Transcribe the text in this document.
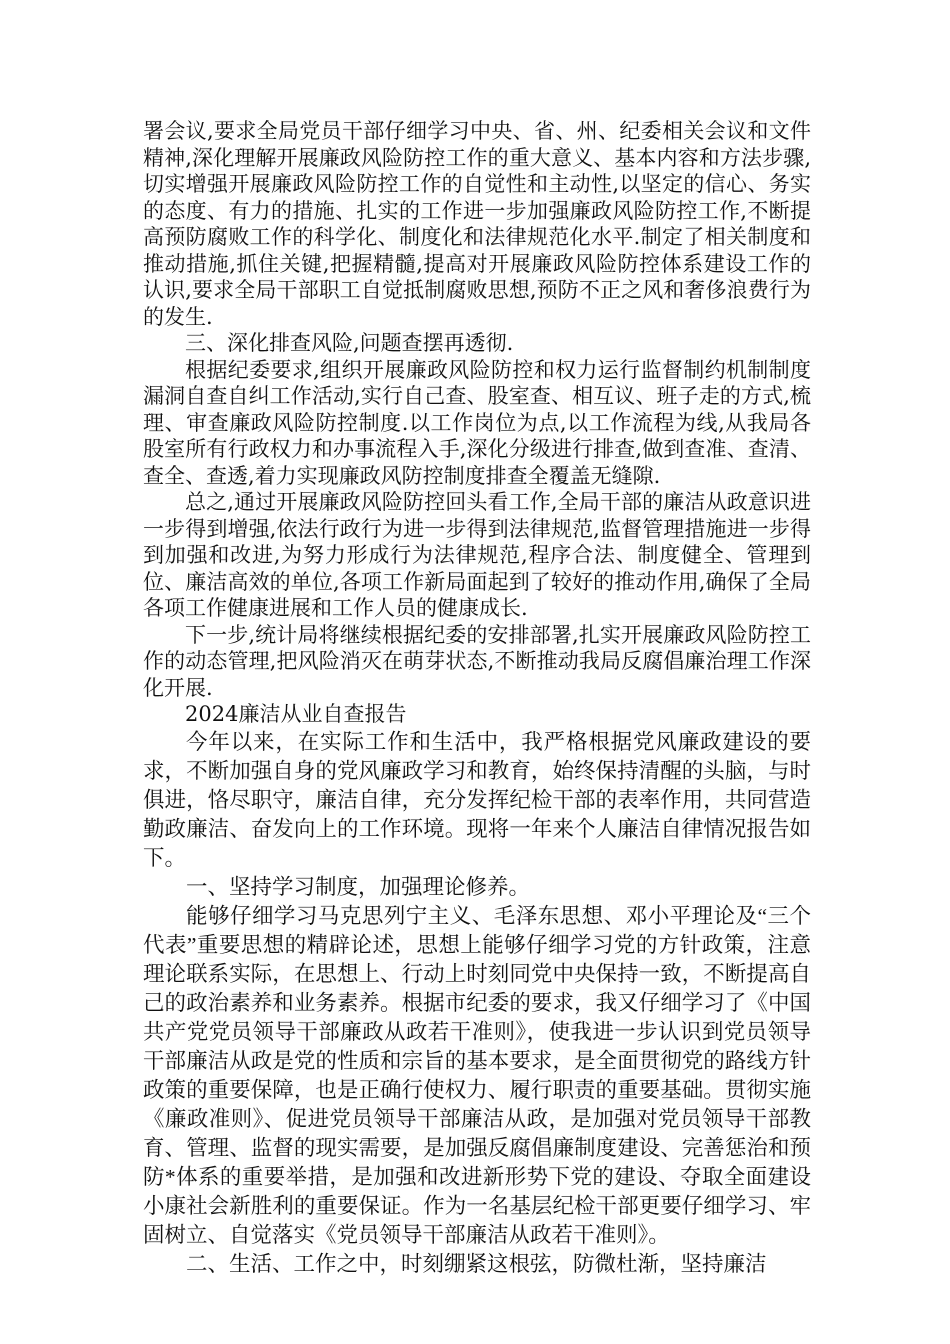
署会议,要求全局党员干部仔细学习中央、省、州、纪委相关会议和文件精神,深化理解开展廉政风险防控工作的重大意义、基本内容和方法步骤,切实增强开展廉政风险防控工作的自觉性和主动性,以坚定的信心、务实的态度、有力的措施、扎实的工作进一步加强廉政风险防控工作,不断提高预防腐败工作的科学化、制度化和法律规范化水平.制定了相关制度和推动措施,抓住关键,把握精髓,提高对开展廉政风险防控体系建设工作的认识,要求全局干部职工自觉抵制腐败思想,预防不正之风和奢侈浪费行为的发生.

三、深化排查风险,问题查摆再透彻.

根据纪委要求,组织开展廉政风险防控和权力运行监督制约机制制度漏洞自查自纠工作活动,实行自己查、股室查、相互议、班子走的方式,梳理、审查廉政风险防控制度.以工作岗位为点,以工作流程为线,从我局各股室所有行政权力和办事流程入手,深化分级进行排查,做到查准、查清、查全、查透,着力实现廉政风防控制度排查全覆盖无缝隙.

总之,通过开展廉政风险防控回头看工作,全局干部的廉洁从政意识进一步得到增强,依法行政行为进一步得到法律规范,监督管理措施进一步得到加强和改进,为努力形成行为法律规范,程序合法、制度健全、管理到位、廉洁高效的单位,各项工作新局面起到了较好的推动作用,确保了全局各项工作健康进展和工作人员的健康成长.

下一步,统计局将继续根据纪委的安排部署,扎实开展廉政风险防控工作的动态管理,把风险消灭在萌芽状态,不断推动我局反腐倡廉治理工作深化开展.

2024廉洁从业自查报告

今年以来，在实际工作和生活中，我严格根据党风廉政建设的要求，不断加强自身的党风廉政学习和教育，始终保持清醒的头脑，与时俱进，恪尽职守，廉洁自律，充分发挥纪检干部的表率作用，共同营造勤政廉洁、奋发向上的工作环境。现将一年来个人廉洁自律情况报告如下。

一、坚持学习制度，加强理论修养。

能够仔细学习马克思列宁主义、毛泽东思想、邓小平理论及“三个代表”重要思想的精辟论述，思想上能够仔细学习党的方针政策，注意理论联系实际，在思想上、行动上时刻同党中央保持一致，不断提高自己的政治素养和业务素养。根据市纪委的要求，我又仔细学习了《中国共产党党员领导干部廉政从政若干准则》，使我进一步认识到党员领导干部廉洁从政是党的性质和宗旨的基本要求，是全面贯彻党的路线方针政策的重要保障，也是正确行使权力、履行职责的重要基础。贯彻实施《廉政准则》、促进党员领导干部廉洁从政，是加强对党员领导干部教育、管理、监督的现实需要，是加强反腐倡廉制度建设、完善惩治和预防*体系的重要举措，是加强和改进新形势下党的建设、夺取全面建设小康社会新胜利的重要保证。作为一名基层纪检干部更要仔细学习、牢固树立、自觉落实《党员领导干部廉洁从政若干准则》。

二、生活、工作之中，时刻绷紧这根弦，防微杜渐，坚持廉洁
